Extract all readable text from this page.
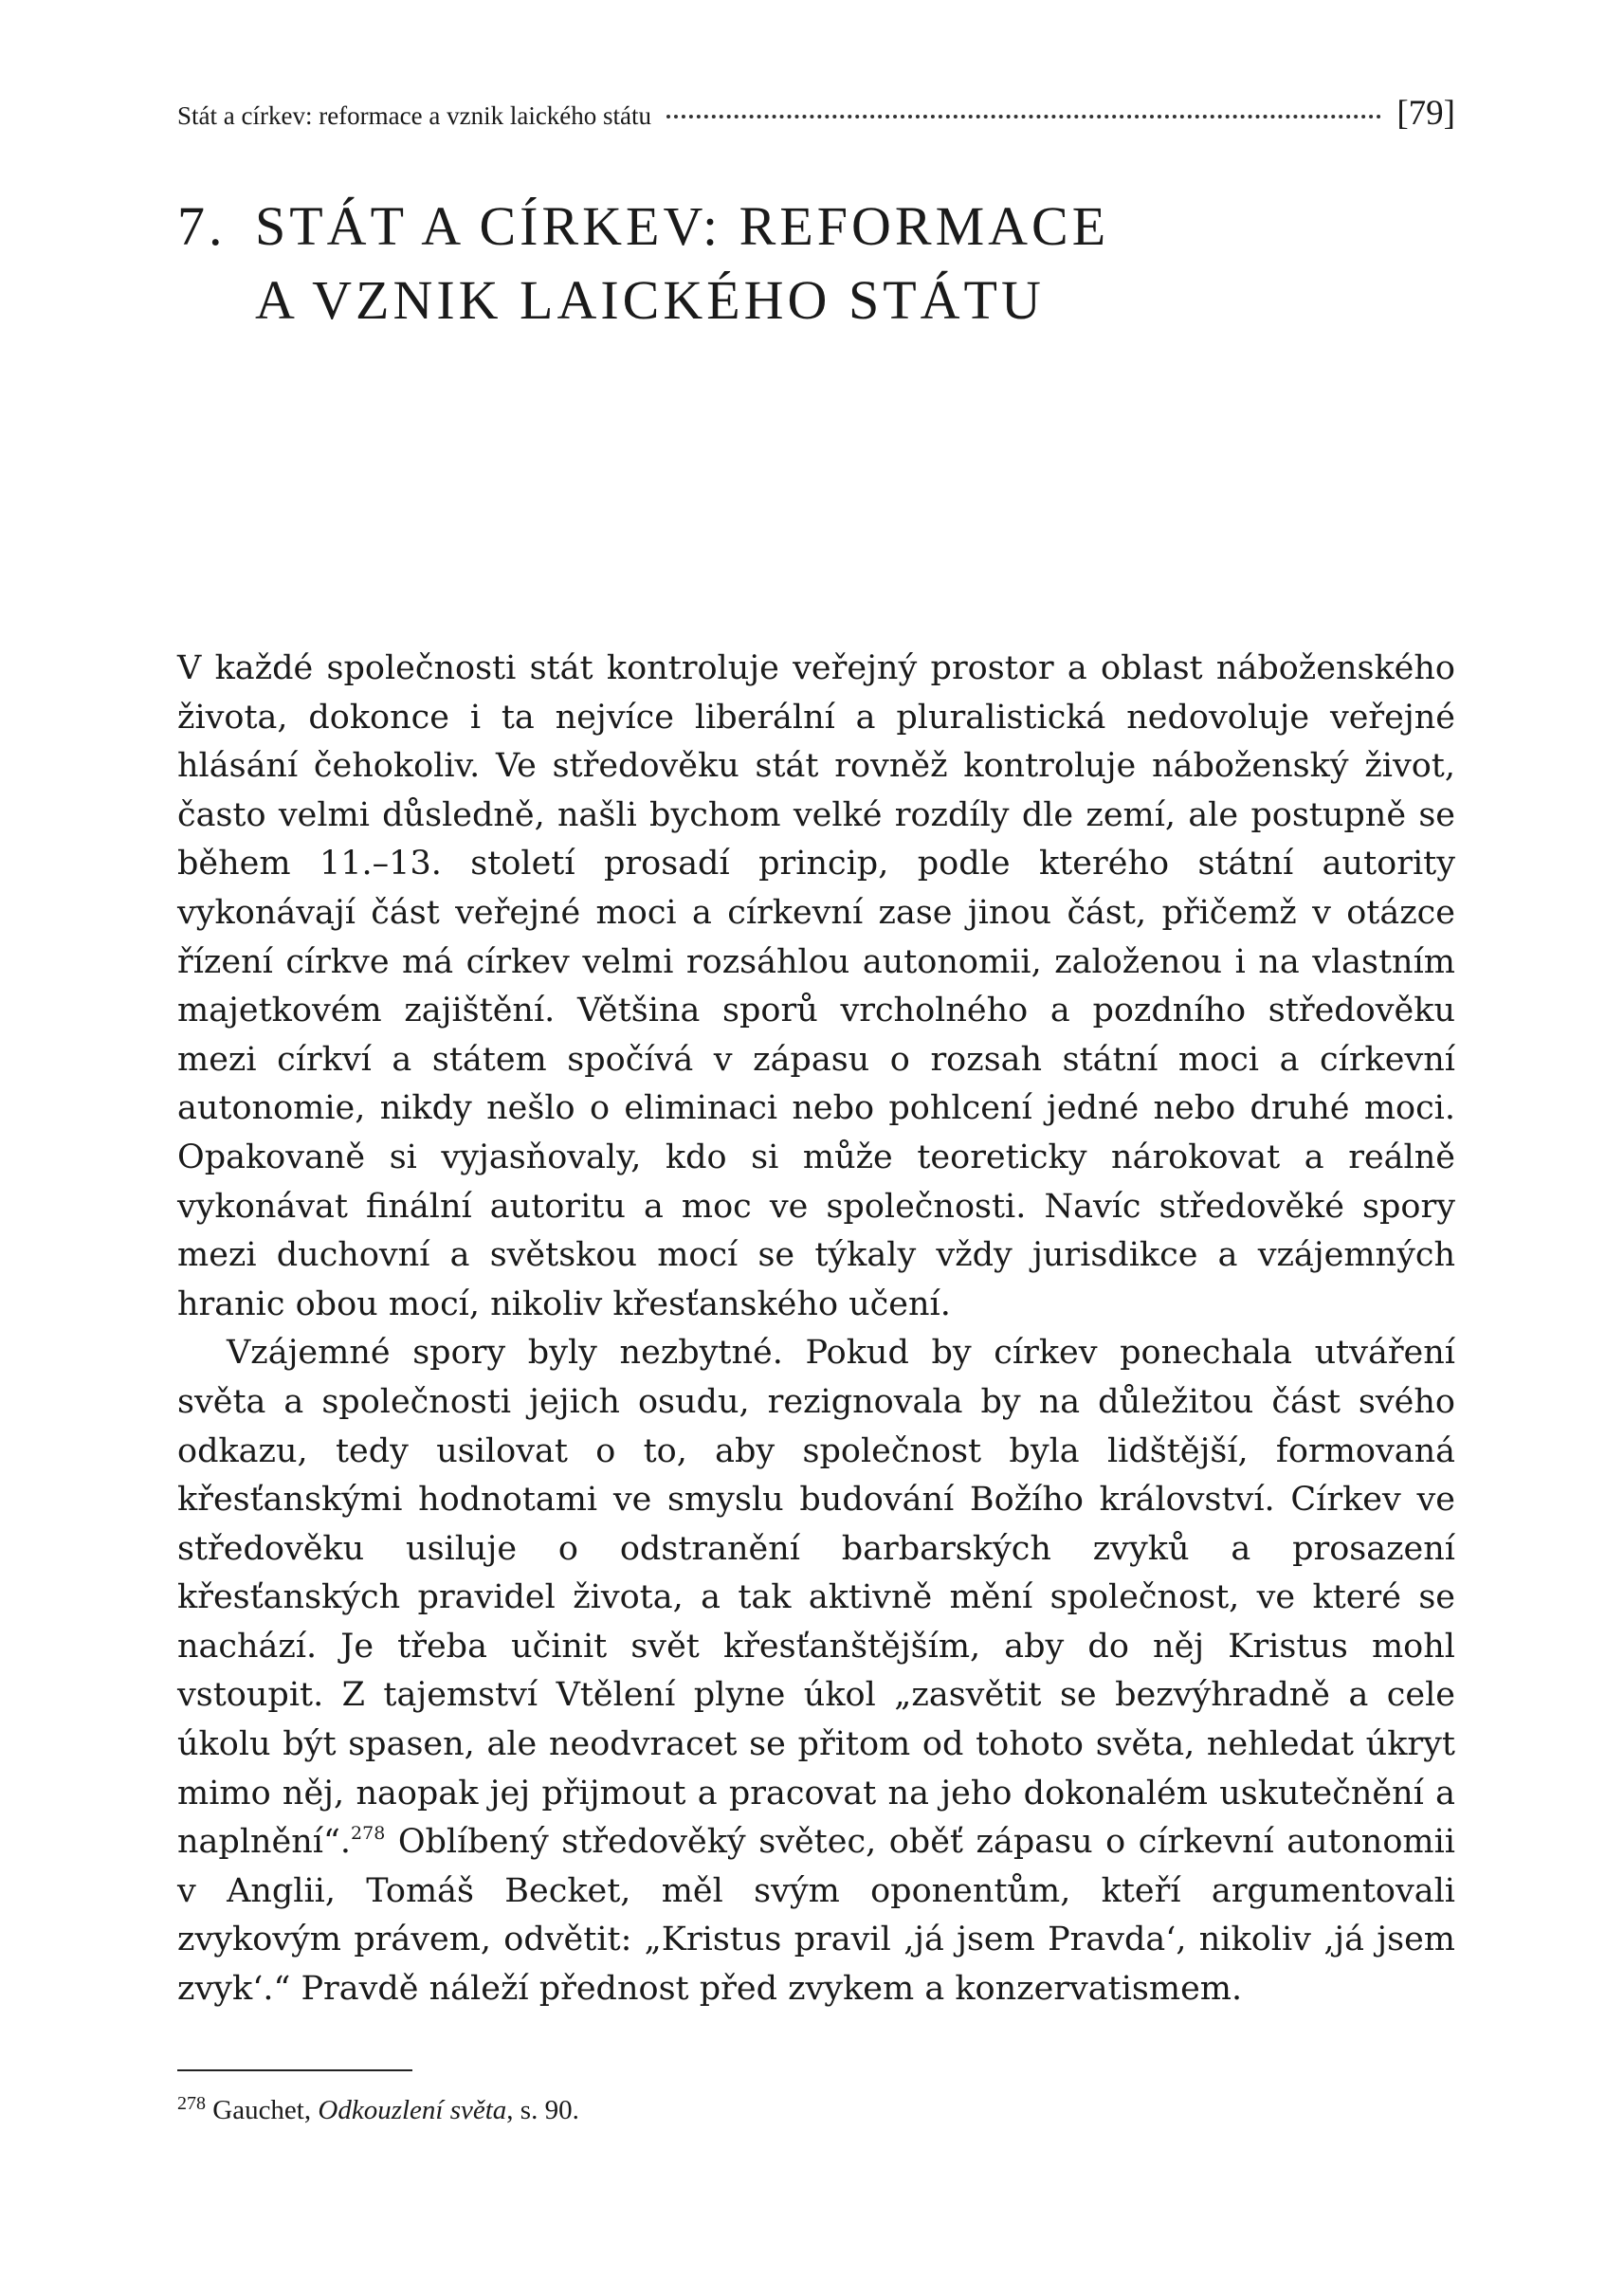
Stát a církev: reformace a vznik laického státu	[79]
7. STÁT A CÍRKEV: REFORMACE
A VZNIK LAICKÉHO STÁTU

V každé společnosti stát kontroluje veřejný prostor a oblast náboženského života, dokonce i ta nejvíce liberální a pluralistická nedovoluje veřejné hlásání čehokoliv. Ve středověku stát rovněž kontroluje náboženský život, často velmi důsledně, našli bychom velké rozdíly dle zemí, ale postupně se během 11.–13. století prosadí princip, podle kterého státní autority vykonávají část veřejné moci a církevní zase jinou část, přičemž v otázce řízení církve má církev velmi rozsáhlou autonomii, založenou i na vlastním majetkovém zajištění. Většina sporů vrcholného a pozdního středověku mezi církví a státem spočívá v zápasu o rozsah státní moci a církevní autonomie, nikdy nešlo o eliminaci nebo pohlcení jedné nebo druhé moci. Opakovaně si vyjasňovaly, kdo si může teoreticky nárokovat a reálně vykonávat finální autoritu a moc ve společnosti. Navíc středověké spory mezi duchovní a světskou mocí se týkaly vždy jurisdikce a vzájemných hranic obou mocí, nikoliv křesťanského učení.

Vzájemné spory byly nezbytné. Pokud by církev ponechala utváření světa a společnosti jejich osudu, rezignovala by na důležitou část svého odkazu, tedy usilovat o to, aby společnost byla lidštější, formovaná křesťanskými hodnotami ve smyslu budování Božího království. Církev ve středověku usiluje o odstranění barbarských zvyků a prosazení křesťanských pravidel života, a tak aktivně mění společnost, ve které se nachází. Je třeba učinit svět křesťanštějším, aby do něj Kristus mohl vstoupit. Z tajemství Vtělení plyne úkol „zasvětit se bezvýhradně a cele úkolu být spasen, ale neodvracet se přitom od tohoto světa, nehledat úkryt mimo něj, naopak jej přijmout a pracovat na jeho dokonalém uskutečnění a naplnění“.$^{278}$ Oblíbený středověký světec, oběť zápasu o církevní autonomii v Anglii, Tomáš Becket, měl svým oponentům, kteří argumentovali zvykovým právem, odvětit: „Kristus pravil ‚já jsem Pravda‘, nikoliv ‚já jsem zvyk‘.“ Pravdě náleží přednost před zvykem a konzervatismem.

$^{278}$ Gauchet, Odkouzlení světa, s. 90.
